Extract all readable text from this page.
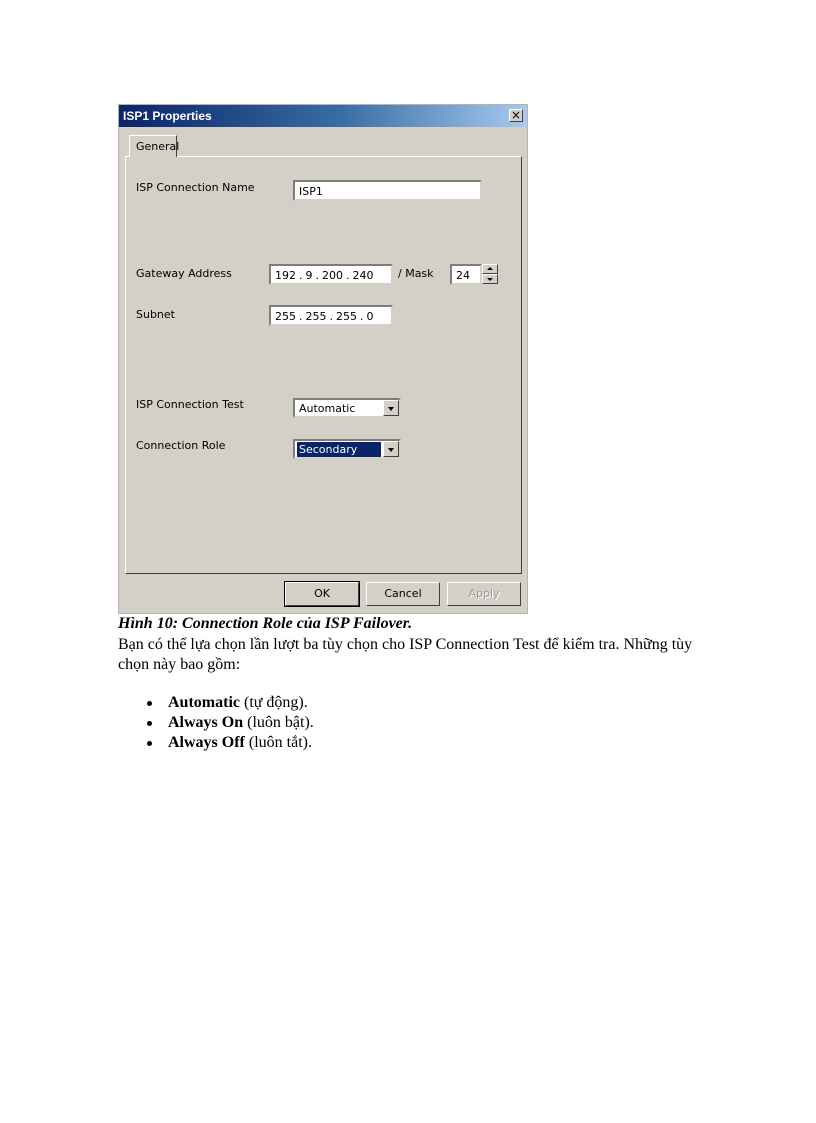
ISP1 Properties	×
General
ISP Connection Name	ISP1
Gateway Address	192 . 9 . 200 . 240	/ Mask	24
Subnet	255 . 255 . 255 . 0
ISP Connection Test	Automatic
Connection Role	Secondary
OK	Cancel	Apply
Hình 10: Connection Role của ISP Failover.
Bạn có thể lựa chọn lần lượt ba tùy chọn cho ISP Connection Test để kiểm tra. Những tùy chọn này bao gồm:
Automatic (tự động).
Always On (luôn bật).
Always Off (luôn tắt).
